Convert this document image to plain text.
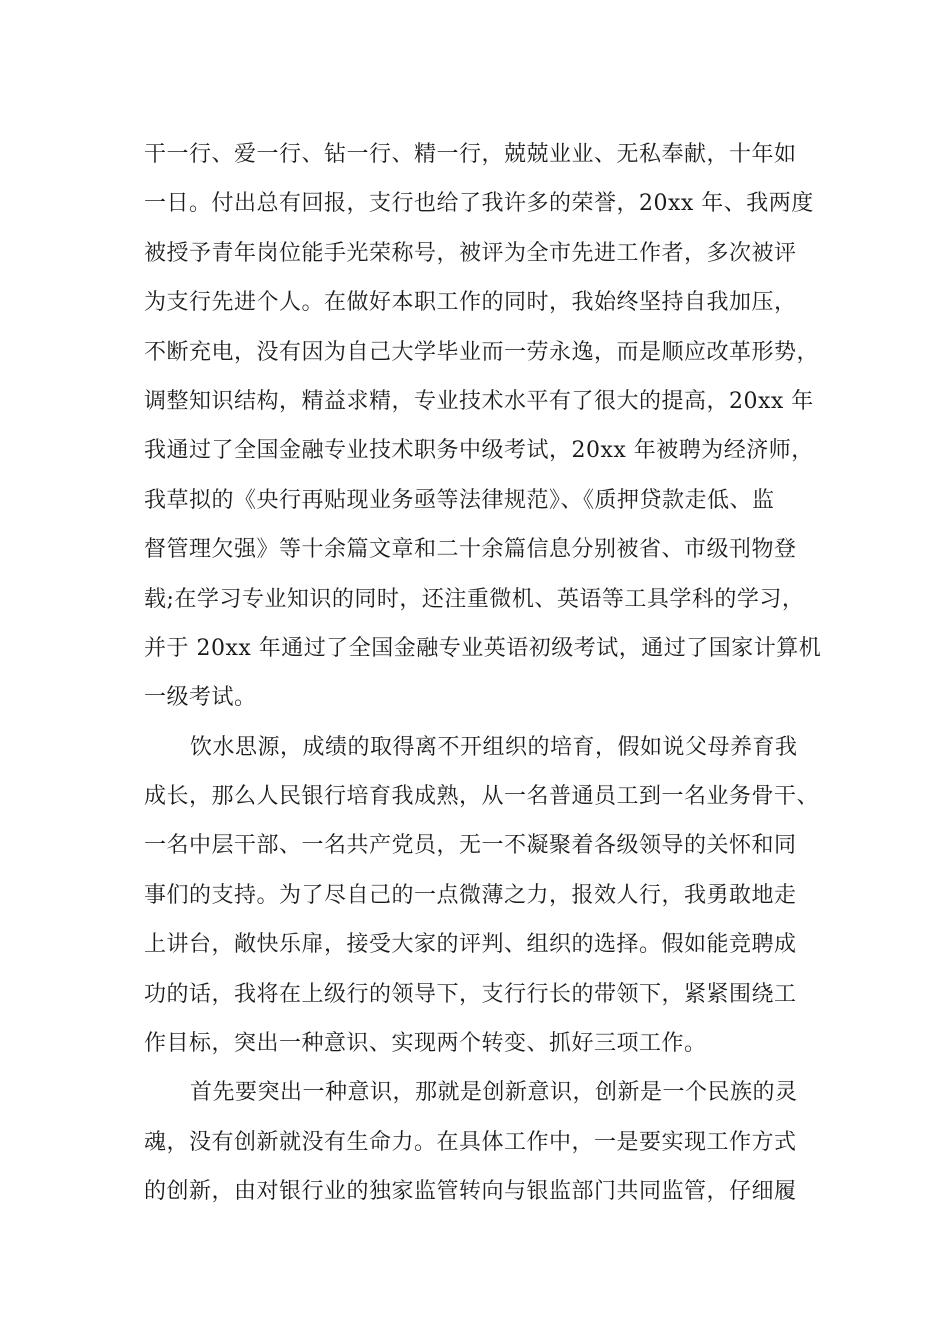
干一行、爱一行、钻一行、精一行，兢兢业业、无私奉献，十年如
一日。付出总有回报，支行也给了我许多的荣誉，20xx 年、我两度
被授予青年岗位能手光荣称号，被评为全市先进工作者，多次被评
为支行先进个人。在做好本职工作的同时，我始终坚持自我加压，
不断充电，没有因为自己大学毕业而一劳永逸，而是顺应改革形势，
调整知识结构，精益求精，专业技术水平有了很大的提高，20xx 年
我通过了全国金融专业技术职务中级考试，20xx 年被聘为经济师，
我草拟的《央行再贴现业务亟等法律规范》、《质押贷款走低、监
督管理欠强》等十余篇文章和二十余篇信息分别被省、市级刊物登
载;在学习专业知识的同时，还注重微机、英语等工具学科的学习，
并于 20xx 年通过了全国金融专业英语初级考试，通过了国家计算机
一级考试。
饮水思源，成绩的取得离不开组织的培育，假如说父母养育我
成长，那么人民银行培育我成熟，从一名普通员工到一名业务骨干、
一名中层干部、一名共产党员，无一不凝聚着各级领导的关怀和同
事们的支持。为了尽自己的一点微薄之力，报效人行，我勇敢地走
上讲台，敞快乐扉，接受大家的评判、组织的选择。假如能竞聘成
功的话，我将在上级行的领导下，支行行长的带领下，紧紧围绕工
作目标，突出一种意识、实现两个转变、抓好三项工作。
首先要突出一种意识，那就是创新意识，创新是一个民族的灵
魂，没有创新就没有生命力。在具体工作中，一是要实现工作方式
的创新，由对银行业的独家监管转向与银监部门共同监管，仔细履
